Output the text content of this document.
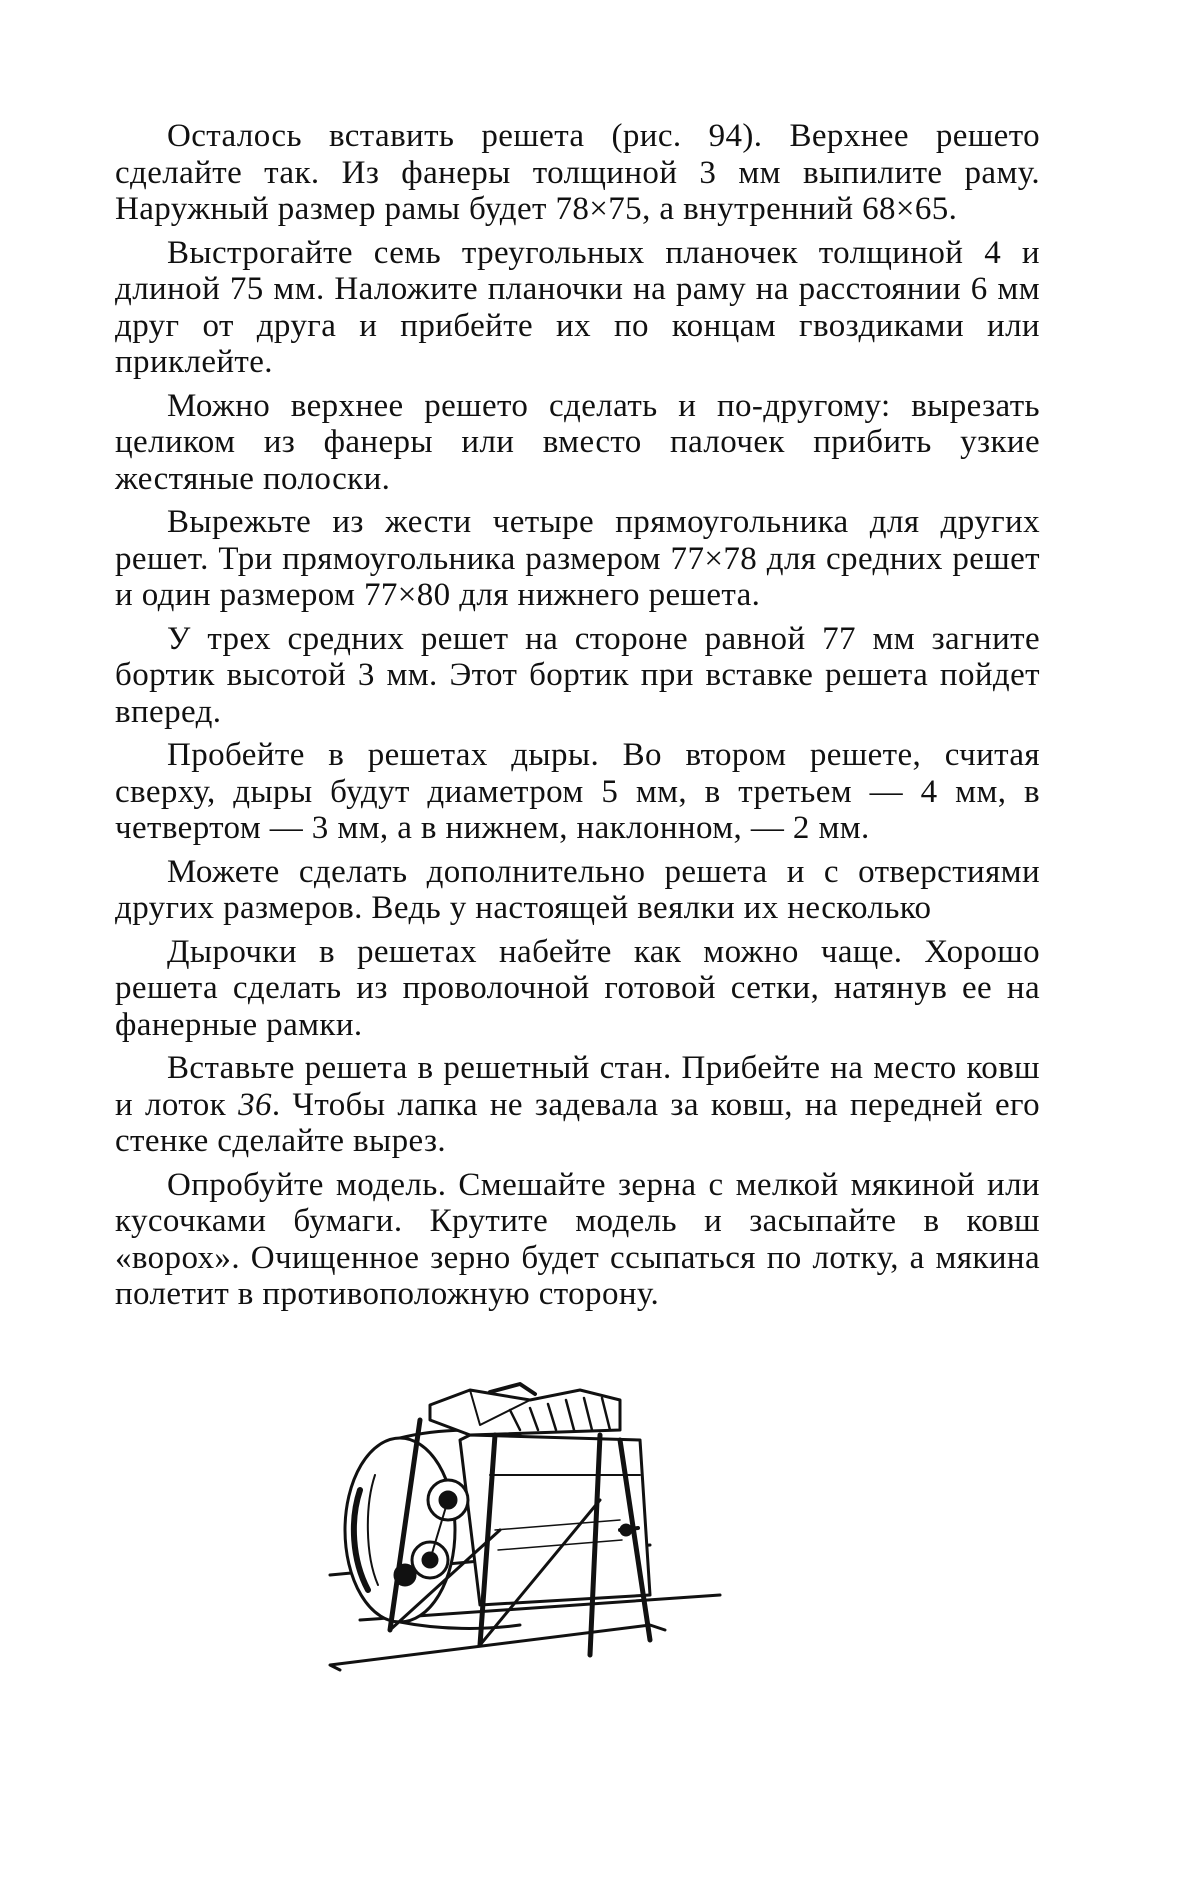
Осталось вставить решета (рис. 94). Верхнее решето сделайте так. Из фанеры толщиной 3 мм выпилите раму. Наружный размер рамы будет 78×75, а внутренний 68×65.

Выстрогайте семь треугольных планочек толщиной 4 и длиной 75 мм. Наложите планочки на раму на расстоянии 6 мм друг от друга и прибейте их по концам гвоздиками или приклейте.

Можно верхнее решето сделать и по-другому: вырезать целиком из фанеры или вместо палочек прибить узкие жестяные полоски.

Вырежьте из жести четыре прямоугольника для других решет. Три прямоугольника размером 77×78 для средних решет и один размером 77×80 для нижнего решета.

У трех средних решет на стороне равной 77 мм загните бортик высотой 3 мм. Этот бортик при вставке решета пойдет вперед.

Пробейте в решетах дыры. Во втором решете, считая сверху, дыры будут диаметром 5 мм, в третьем — 4 мм, в четвертом — 3 мм, а в нижнем, наклонном, — 2 мм.

Можете сделать дополнительно решета и с отверстиями других размеров. Ведь у настоящей веялки их несколько

Дырочки в решетах набейте как можно чаще. Хорошо решета сделать из проволочной готовой сетки, натянув ее на фанерные рамки.

Вставьте решета в решетный стан. Прибейте на место ковш и лоток 36. Чтобы лапка не задевала за ковш, на передней его стенке сделайте вырез.

Опробуйте модель. Смешайте зерна с мелкой мякиной или кусочками бумаги. Крутите модель и засыпайте в ковш «ворох». Очищенное зерно будет ссыпаться по лотку, а мякина полетит в противоположную сторону.
